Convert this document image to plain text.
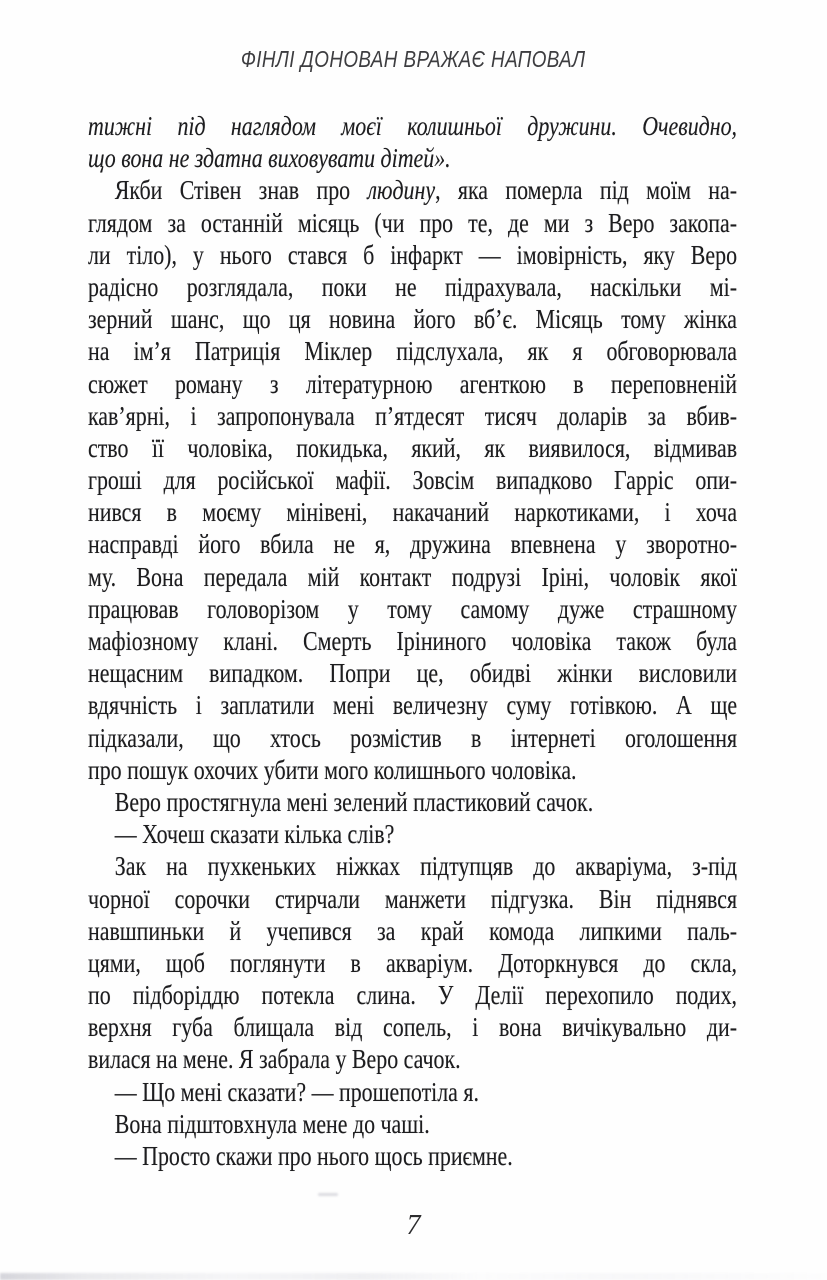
ФІНЛІ ДОНОВАН ВРАЖАЄ НАПОВАЛ
тижні під наглядом моєї колишньої дружини. Очевидно,
що вона не здатна виховувати дітей».
Якби Стівен знав про людину, яка померла під моїм на-
глядом за останній місяць (чи про те, де ми з Веро закопа-
ли тіло), у нього стався б інфаркт — імовірність, яку Веро
радісно розглядала, поки не підрахувала, наскільки мі-
зерний шанс, що ця новина його вб’є. Місяць тому жінка
на ім’я Патриція Міклер підслухала, як я обговорювала
сюжет роману з літературною агенткою в переповненій
кав’ярні, і запропонувала п’ятдесят тисяч доларів за вбив-
ство її чоловіка, покидька, який, як виявилося, відмивав
гроші для російської мафії. Зовсім випадково Гарріс опи-
нився в моєму мінівені, накачаний наркотиками, і хоча
насправді його вбила не я, дружина впевнена у зворотно-
му. Вона передала мій контакт подрузі Іріні, чоловік якої
працював головорізом у тому самому дуже страшному
мафіозному клані. Смерть Іріниного чоловіка також була
нещасним випадком. Попри це, обидві жінки висловили
вдячність і заплатили мені величезну суму готівкою. А ще
підказали, що хтось розмістив в інтернеті оголошення
про пошук охочих убити мого колишнього чоловіка.
Веро простягнула мені зелений пластиковий сачок.
— Хочеш сказати кілька слів?
Зак на пухкеньких ніжках підтупцяв до акваріума, з-під
чорної сорочки стирчали манжети підгузка. Він піднявся
навшпиньки й учепився за край комода липкими паль-
цями, щоб поглянути в акваріум. Доторкнувся до скла,
по підборіддю потекла слина. У Делії перехопило подих,
верхня губа блищала від сопель, і вона вичікувально ди-
вилася на мене. Я забрала у Веро сачок.
— Що мені сказати? — прошепотіла я.
Вона підштовхнула мене до чаші.
— Просто скажи про нього щось приємне.
7
